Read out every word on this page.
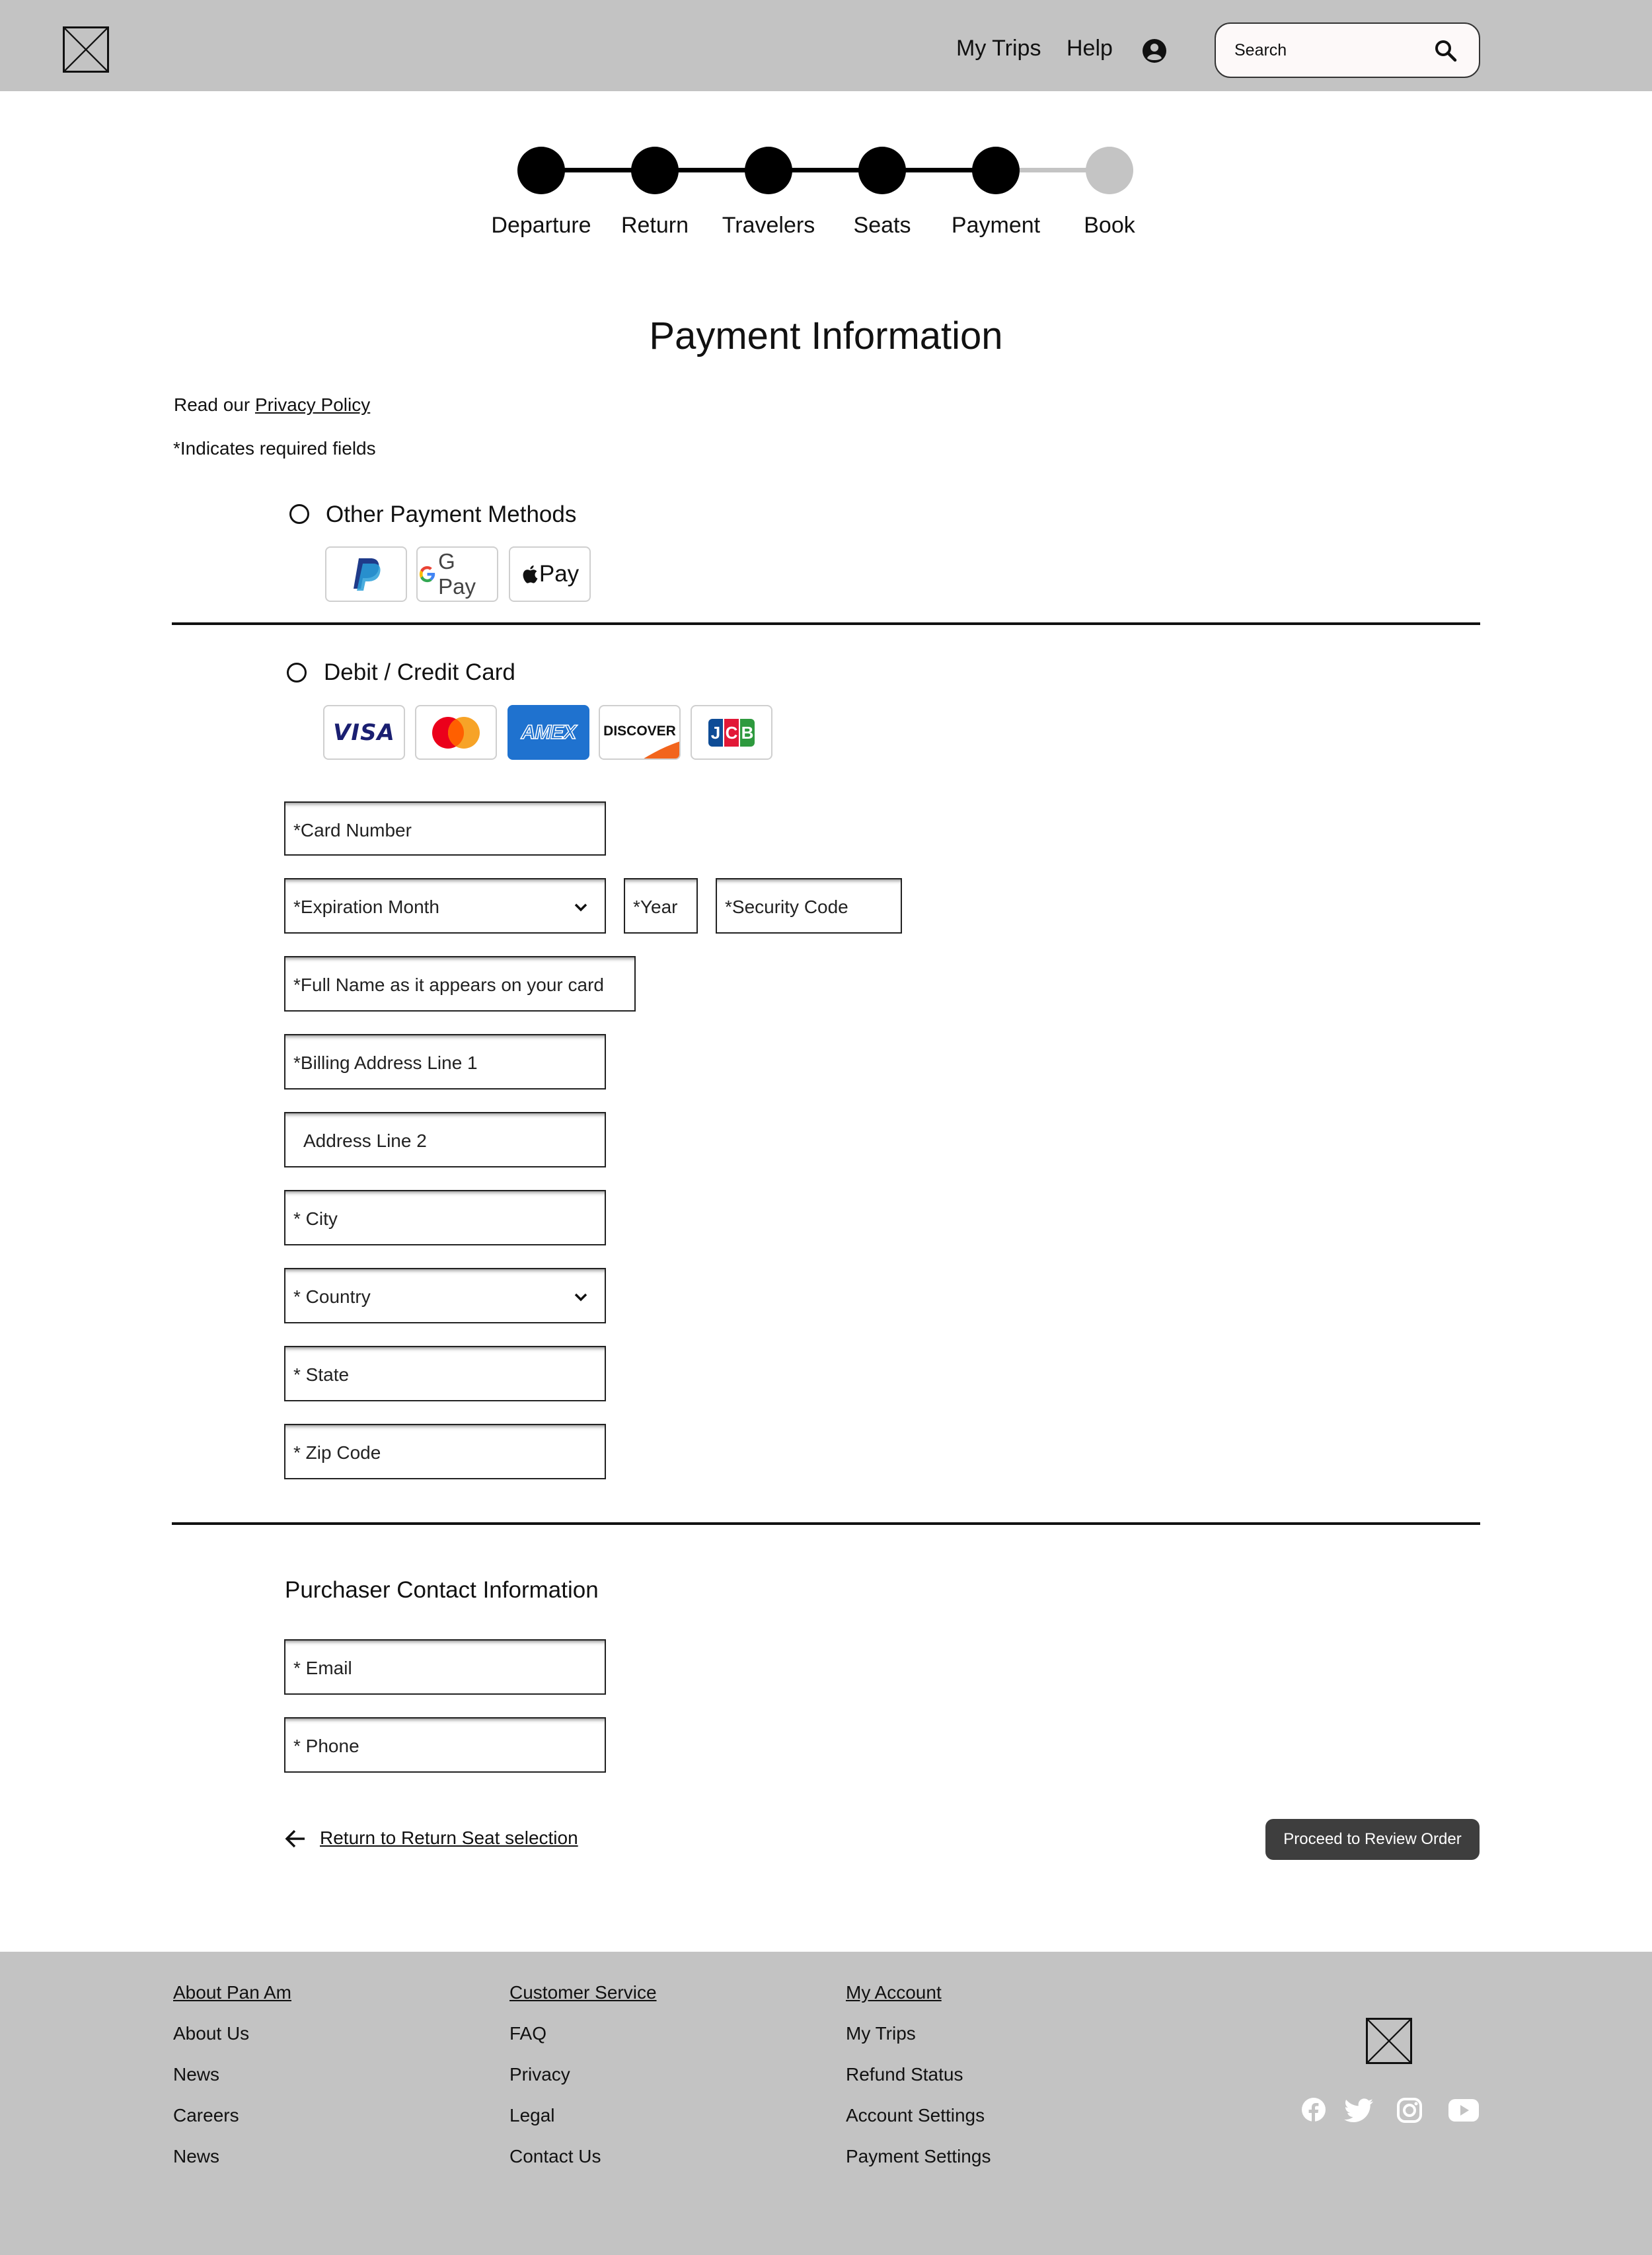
My Trips Help	Search
Departure	Return	Travelers	Seats	Payment	Book
Payment Information
Read our Privacy Policy
*Indicates required fields
Other Payment Methods
G Pay	Pay
Debit / Credit Card
VISA	AMEX DISCOVER J C B
*Card Number
*Expiration Month	*Year	*Security Code
*Full Name as it appears on your card
*Billing Address Line 1
Address Line 2
* City
* Country
* State
* Zip Code
Purchaser Contact Information
* Email
* Phone
Return to Return Seat selection	Proceed to Review Order
About Pan Am
About Us
News
Careers
News
Customer Service
FAQ
Privacy
Legal
Contact Us
My Account
My Trips
Refund Status
Account Settings
Payment Settings
